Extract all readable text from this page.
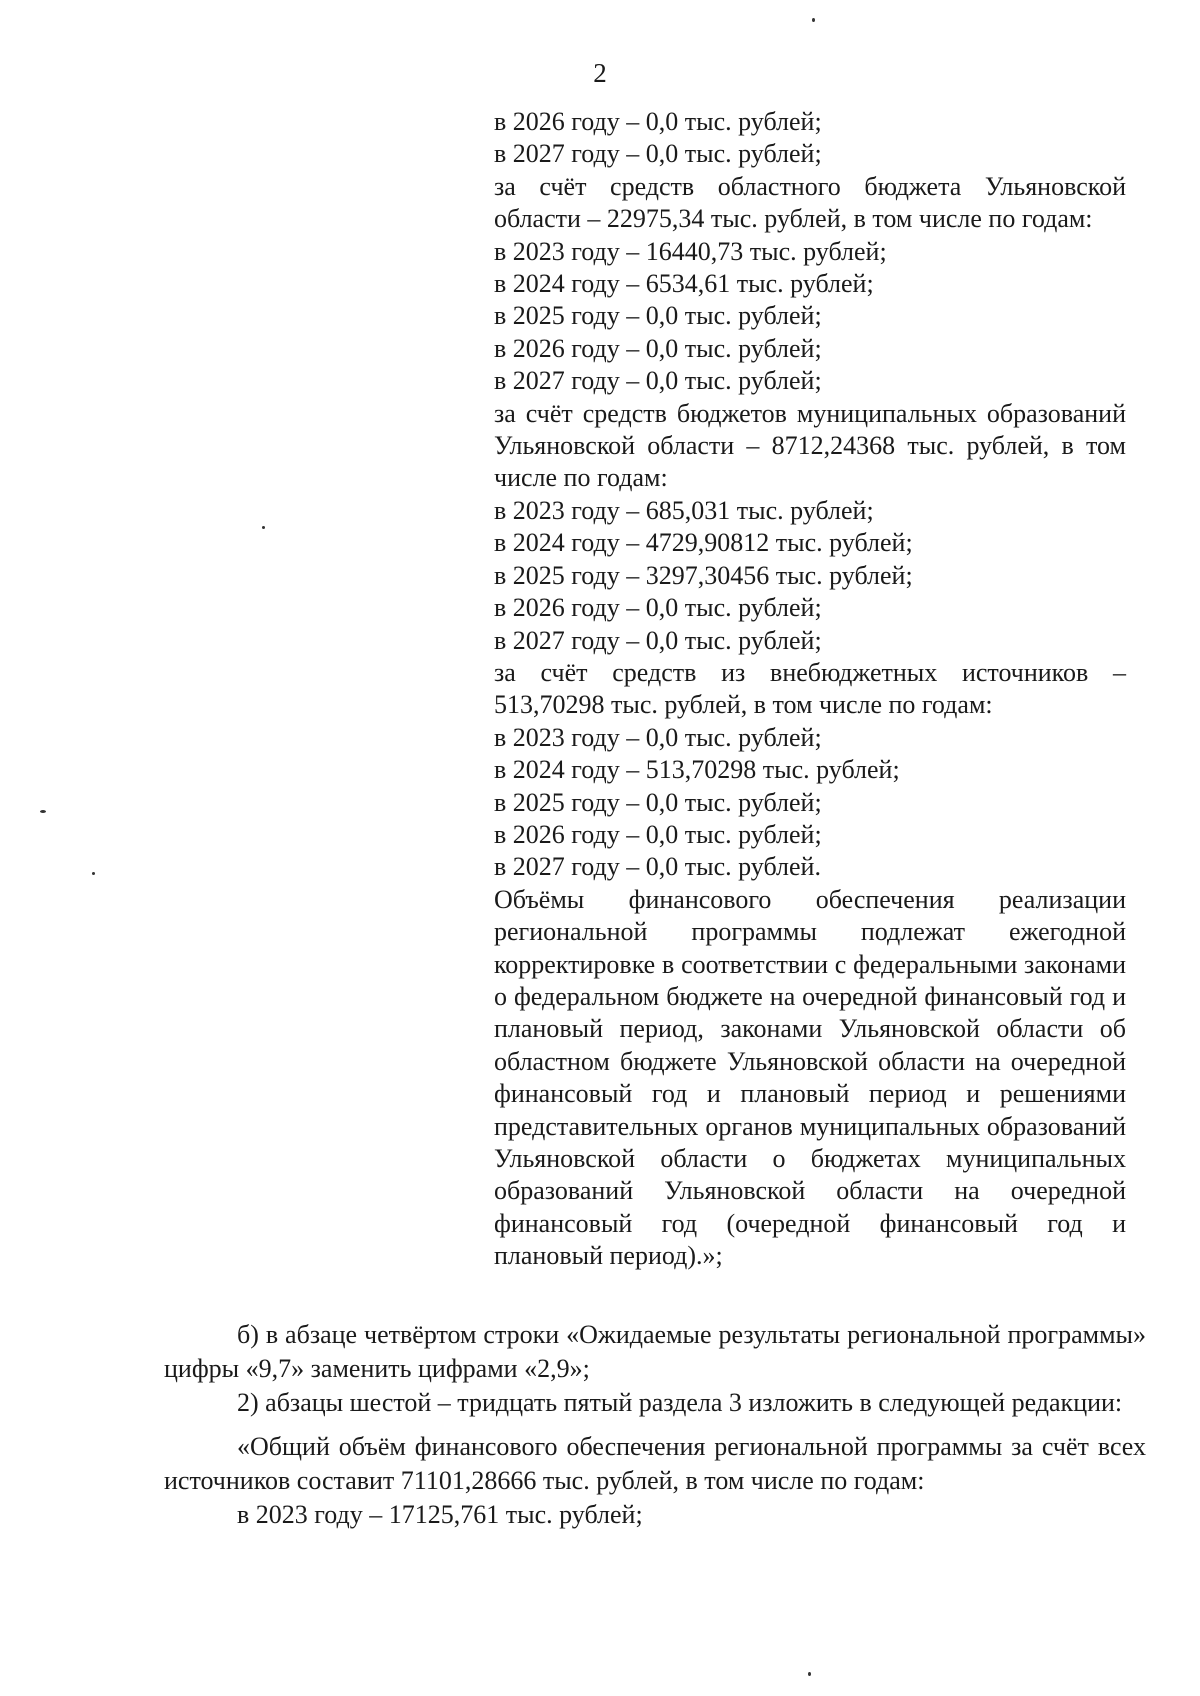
2
в 2026 году – 0,0 тыс. рублей;
в 2027 году – 0,0 тыс. рублей;
за счёт средств областного бюджета Ульяновской области – 22975,34 тыс. рублей, в том числе по годам:
в 2023 году – 16440,73 тыс. рублей;
в 2024 году – 6534,61 тыс. рублей;
в 2025 году – 0,0 тыс. рублей;
в 2026 году – 0,0 тыс. рублей;
в 2027 году – 0,0 тыс. рублей;
за счёт средств бюджетов муниципальных образований Ульяновской области – 8712,24368 тыс. рублей, в том числе по годам:
в 2023 году – 685,031 тыс. рублей;
в 2024 году – 4729,90812 тыс. рублей;
в 2025 году – 3297,30456 тыс. рублей;
в 2026 году – 0,0 тыс. рублей;
в 2027 году – 0,0 тыс. рублей;
за счёт средств из внебюджетных источников – 513,70298 тыс. рублей, в том числе по годам:
в 2023 году – 0,0 тыс. рублей;
в 2024 году – 513,70298 тыс. рублей;
в 2025 году – 0,0 тыс. рублей;
в 2026 году – 0,0 тыс. рублей;
в 2027 году – 0,0 тыс. рублей.
Объёмы финансового обеспечения реализации региональной программы подлежат ежегодной корректировке в соответствии с федеральными законами о федеральном бюджете на очередной финансовый год и плановый период, законами Ульяновской области об областном бюджете Ульяновской области на очередной финансовый год и плановый период и решениями представительных органов муниципальных образований Ульяновской области о бюджетах муниципальных образований Ульяновской области на очередной финансовый год (очередной финансовый год и плановый период).»;

б) в абзаце четвёртом строки «Ожидаемые результаты региональной программы» цифры «9,7» заменить цифрами «2,9»;

2) абзацы шестой – тридцать пятый раздела 3 изложить в следующей редакции:

«Общий объём финансового обеспечения региональной программы за счёт всех источников составит 71101,28666 тыс. рублей, в том числе по годам:

в 2023 году – 17125,761 тыс. рублей;
